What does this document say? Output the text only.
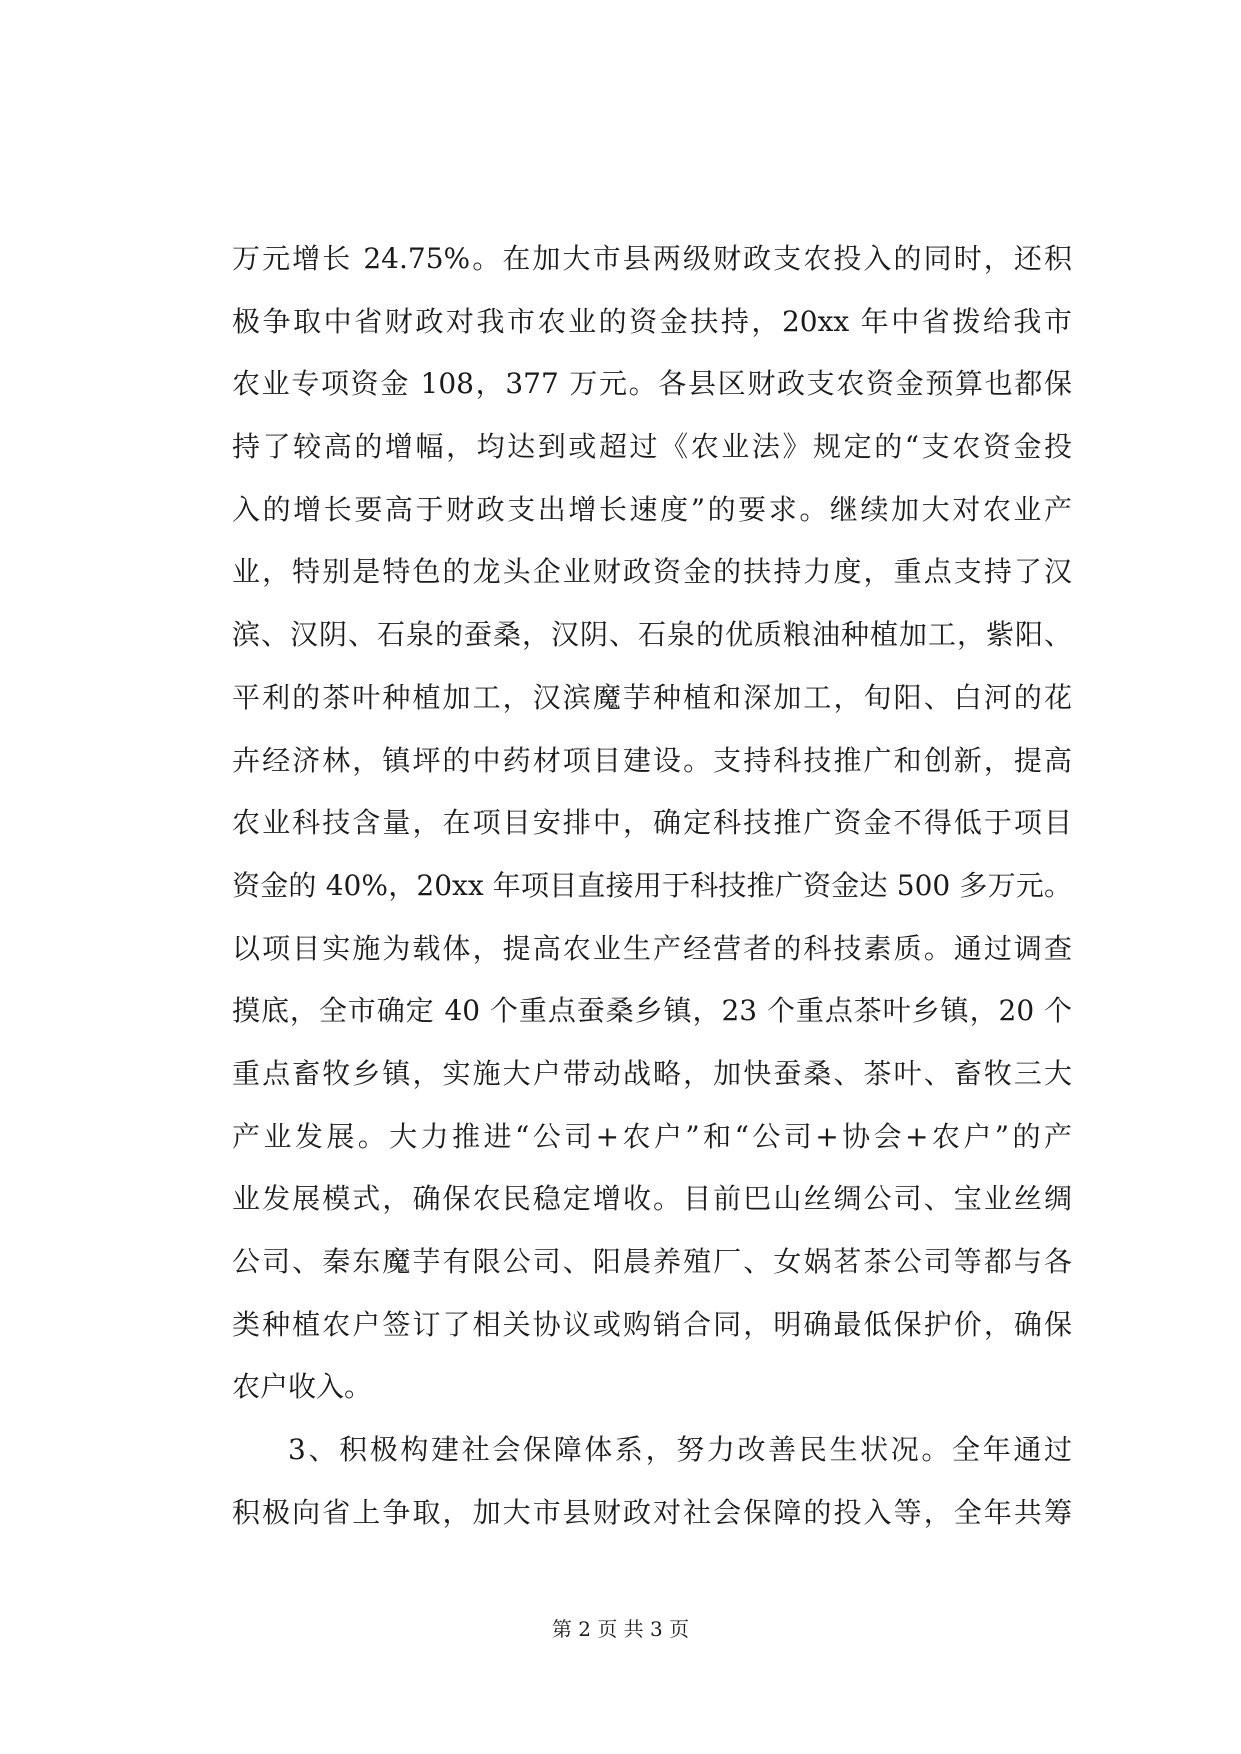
万元增长 24.75%。在加大市县两级财政支农投入的同时，还积
极争取中省财政对我市农业的资金扶持，20xx 年中省拨给我市
农业专项资金 108，377 万元。各县区财政支农资金预算也都保
持了较高的增幅，均达到或超过《农业法》规定的“支农资金投
入的增长要高于财政支出增长速度”的要求。继续加大对农业产
业，特别是特色的龙头企业财政资金的扶持力度，重点支持了汉
滨、汉阴、石泉的蚕桑，汉阴、石泉的优质粮油种植加工，紫阳、
平利的茶叶种植加工，汉滨魔芋种植和深加工，旬阳、白河的花
卉经济林，镇坪的中药材项目建设。支持科技推广和创新，提高
农业科技含量，在项目安排中，确定科技推广资金不得低于项目
资金的 40%，20xx 年项目直接用于科技推广资金达 500 多万元。
以项目实施为载体，提高农业生产经营者的科技素质。通过调查
摸底，全市确定 40 个重点蚕桑乡镇，23 个重点茶叶乡镇，20 个
重点畜牧乡镇，实施大户带动战略，加快蚕桑、茶叶、畜牧三大
产业发展。大力推进“公司+农户”和“公司+协会+农户”的产
业发展模式，确保农民稳定增收。目前巴山丝绸公司、宝业丝绸
公司、秦东魔芋有限公司、阳晨养殖厂、女娲茗茶公司等都与各
类种植农户签订了相关协议或购销合同，明确最低保护价，确保
农户收入。
3、积极构建社会保障体系，努力改善民生状况。全年通过
积极向省上争取，加大市县财政对社会保障的投入等，全年共筹
第 2 页 共 3 页
